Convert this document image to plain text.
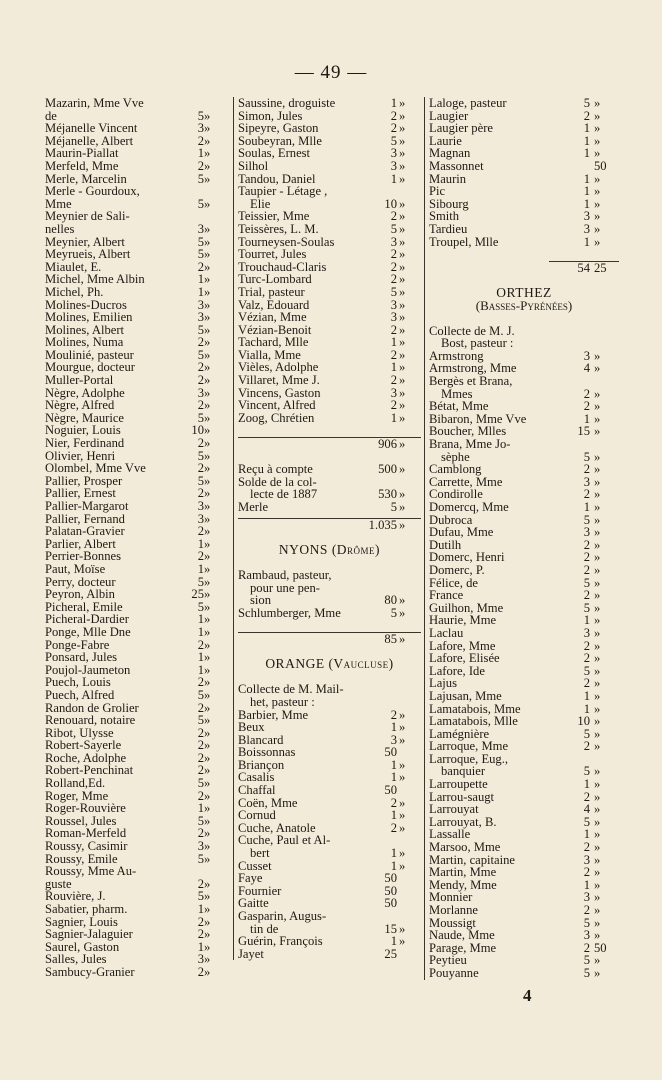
— 49 —
Mazarin, Mme Vve
de	5 »
Méjanelle Vincent	3 »
Méjanelle, Albert	2 »
Maurin-Piallat	1 »
Merfeld, Mme	2 »
Merle, Marcelin	5 »
Merle - Gourdoux,
Mme	5 »
Meynier de Sali-
nelles	3 »
Meynier, Albert	5 »
Meyrueis, Albert	5 »
Miaulet, E.	2 »
Michel, Mme Albin	1 »
Michel, Ph.	1 »
Molines-Ducros	3 »
Molines, Emilien	3 »
Molines, Albert	5 »
Molines, Numa	2 »
Moulinié, pasteur	5 »
Mourgue, docteur	2 »
Muller-Portal	2 »
Nègre, Adolphe	3 »
Nègre, Alfred	2 »
Nègre, Maurice	5 »
Noguier, Louis	10 »
Nier, Ferdinand	2 »
Olivier, Henri	5 »
Olombel, Mme Vve	2 »
Pallier, Prosper	5 »
Pallier, Ernest	2 »
Pallier-Margarot	3 »
Pallier, Fernand	3 »
Palatan-Gravier	2 »
Parlier, Albert	1 »
Perrier-Bonnes	2 »
Paut, Moïse	1 »
Perry, docteur	5 »
Peyron, Albin	25 »
Picheral, Emile	5 »
Picheral-Dardier	1 »
Ponge, Mlle Dne	1 »
Ponge-Fabre	2 »
Ponsard, Jules	1 »
Poujol-Jaumeton	1 »
Puech, Louis	2 »
Puech, Alfred	5 »
Randon de Grolier	2 »
Renouard, notaire	5 »
Ribot, Ulysse	2 »
Robert-Sayerle	2 »
Roche, Adolphe	2 »
Robert-Penchinat	2 »
Rolland,Ed.	5 »
Roger, Mme	2 »
Roger-Rouvière	1 »
Roussel, Jules	5 »
Roman-Merfeld	2 »
Roussy, Casimir	3 »
Roussy, Emile	5 »
Roussy, Mme Au-
guste	2 »
Rouvière, J.	5 »
Sabatier, pharm.	1 »
Sagnier, Louis	2 »
Sagnier-Jalaguier	2 »
Saurel, Gaston	1 »
Salles, Jules	3 »
Sambucy-Granier	2 »
Saussine, droguiste	1 »
Simon, Jules	2 »
Sipeyre, Gaston	2 »
Soubeyran, Mlle	5 »
Soulas, Ernest	3 »
Silhol	3 »
Tandou, Daniel	1 »
Taupier - Létage ,
Elie	10 »
Teissier, Mme	2 »
Teissères, L. M.	5 »
Tourneysen-Soulas	3 »
Tourret, Jules	2 »
Trouchaud-Claris	2 »
Turc-Lombard	2 »
Trial, pasteur	5 »
Valz, Edouard	3 »
Vézian, Mme	3 »
Vézian-Benoit	2 »
Tachard, Mlle	1 »
Vialla, Mme	2 »
Vièles, Adolphe	1 »
Villaret, Mme J.	2 »
Vincens, Gaston	3 »
Vincent, Alfred	2 »
Zoog, Chrétien	1 »
906 »
Reçu à compte	500 »
Solde de la col-
lecte de 1887	530 »
Merle	5 »
1.035 »
NYONS (Drôme)
Rambaud, pasteur,
pour une pen-
sion	80 »
Schlumberger, Mme	5 »
85 »
ORANGE (Vaucluse)
Collecte de M. Mail-
het, pasteur :
Barbier, Mme	2 »
Beux	1 »
Blancard	3 »
Boissonnas	50
Briançon	1 »
Casalis	1 »
Chaffal	50
Coën, Mme	2 »
Cornud	1 »
Cuche, Anatole	2 »
Cuche, Paul et Al-
bert	1 »
Cusset	1 »
Faye	50
Fournier	50
Gaitte	50
Gasparin, Augus-
tin de	15 »
Guérin, François	1 »
Jayet	25
Laloge, pasteur	5 »
Laugier	2 »
Laugier père	1 »
Laurie	1 »
Magnan	1 »
Massonnet	50
Maurin	1 »
Pic	1 »
Sibourg	1 »
Smith	3 »
Tardieu	3 »
Troupel, Mlle	1 »
54 25
ORTHEZ
(Basses-Pyrénées)
Collecte de M. J.
Bost, pasteur :
Armstrong	3 »
Armstrong, Mme	4 »
Bergès et Brana,
Mmes	2 »
Bétat, Mme	2 »
Bibaron, Mme Vve	1 »
Boucher, Mlles	15 »
Brana, Mme Jo-
sèphe	5 »
Camblong	2 »
Carrette, Mme	3 »
Condirolle	2 »
Domercq, Mme	1 »
Dubroca	5 »
Dufau, Mme	3 »
Dutilh	2 »
Domerc, Henri	2 »
Domerc, P.	2 »
Félice, de	5 »
France	2 »
Guilhon, Mme	5 »
Haurie, Mme	1 »
Laclau	3 »
Lafore, Mme	2 »
Lafore, Elisée	2 »
Lafore, Ide	5 »
Lajus	2 »
Lajusan, Mme	1 »
Lamatabois, Mme	1 »
Lamatabois, Mlle	10 »
Lamégnière	5 »
Larroque, Mme	2 »
Larroque, Eug.,
banquier	5 »
Larroupette	1 »
Larrou-saugt	2 »
Larrouyat	4 »
Larrouyat, B.	5 »
Lassalle	1 »
Marsoo, Mme	2 »
Martin, capitaine	3 »
Martin, Mme	2 »
Mendy, Mme	1 »
Monnier	3 »
Morlanne	2 »
Moussigt	5 »
Naude, Mme	3 »
Parage, Mme	2 50
Peytieu	5 »
Pouyanne	5 »
4
